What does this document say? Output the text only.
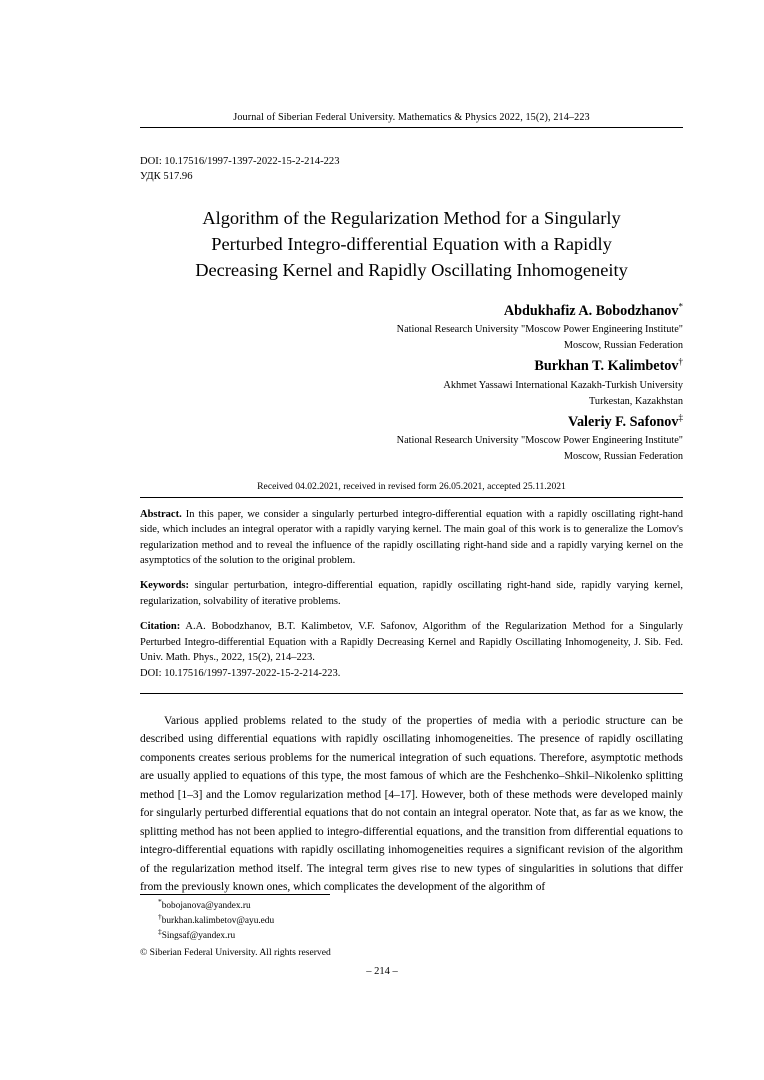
Journal of Siberian Federal University. Mathematics & Physics 2022, 15(2), 214–223
DOI: 10.17516/1997-1397-2022-15-2-214-223
УДК 517.96
Algorithm of the Regularization Method for a Singularly
Perturbed Integro-differential Equation with a Rapidly
Decreasing Kernel and Rapidly Oscillating Inhomogeneity
Abdukhafiz A. Bobodzhanov*
National Research University "Moscow Power Engineering Institute"
Moscow, Russian Federation
Burkhan T. Kalimbetov†
Akhmet Yassawi International Kazakh-Turkish University
Turkestan, Kazakhstan
Valeriy F. Safonov‡
National Research University "Moscow Power Engineering Institute"
Moscow, Russian Federation
Received 04.02.2021, received in revised form 26.05.2021, accepted 25.11.2021
Abstract. In this paper, we consider a singularly perturbed integro-differential equation with a rapidly oscillating right-hand side, which includes an integral operator with a rapidly varying kernel. The main goal of this work is to generalize the Lomov's regularization method and to reveal the influence of the rapidly oscillating right-hand side and a rapidly varying kernel on the asymptotics of the solution to the original problem.
Keywords: singular perturbation, integro-differential equation, rapidly oscillating right-hand side, rapidly varying kernel, regularization, solvability of iterative problems.
Citation: A.A. Bobodzhanov, B.T. Kalimbetov, V.F. Safonov, Algorithm of the Regularization Method for a Singularly Perturbed Integro-differential Equation with a Rapidly Decreasing Kernel and Rapidly Oscillating Inhomogeneity, J. Sib. Fed. Univ. Math. Phys., 2022, 15(2), 214–223.
DOI: 10.17516/1997-1397-2022-15-2-214-223.
Various applied problems related to the study of the properties of media with a periodic structure can be described using differential equations with rapidly oscillating inhomogeneities. The presence of rapidly oscillating components creates serious problems for the numerical integration of such equations. Therefore, asymptotic methods are usually applied to equations of this type, the most famous of which are the Feshchenko–Shkil–Nikolenko splitting method [1–3] and the Lomov regularization method [4–17]. However, both of these methods were developed mainly for singularly perturbed differential equations that do not contain an integral operator. Note that, as far as we know, the splitting method has not been applied to integro-differential equations, and the transition from differential equations to integro-differential equations with rapidly oscillating inhomogeneities requires a significant revision of the algorithm of the regularization method itself. The integral term gives rise to new types of singularities in solutions that differ from the previously known ones, which complicates the development of the algorithm of
*bobojanova@yandex.ru
†burkhan.kalimbetov@ayu.edu
‡Singsaf@yandex.ru
© Siberian Federal University. All rights reserved
– 214 –
